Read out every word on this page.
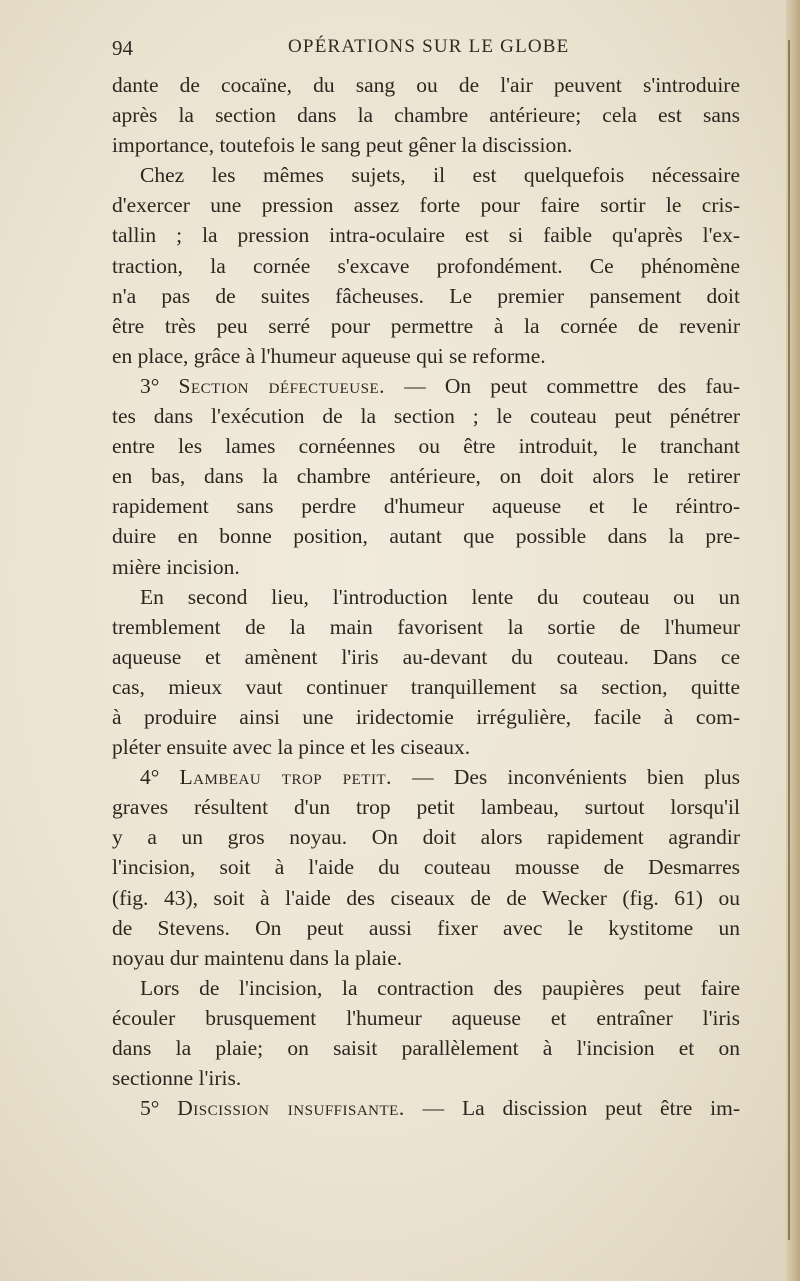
94	OPÉRATIONS SUR LE GLOBE
dante de cocaïne, du sang ou de l'air peuvent s'introduire
après la section dans la chambre antérieure; cela est sans
importance, toutefois le sang peut gêner la discission.
Chez les mêmes sujets, il est quelquefois nécessaire
d'exercer une pression assez forte pour faire sortir le cris-
tallin ; la pression intra-oculaire est si faible qu'après l'ex-
traction, la cornée s'excave profondément. Ce phénomène
n'a pas de suites fâcheuses. Le premier pansement doit
être très peu serré pour permettre à la cornée de revenir
en place, grâce à l'humeur aqueuse qui se reforme.
3° Section défectueuse. — On peut commettre des fau-
tes dans l'exécution de la section ; le couteau peut pénétrer
entre les lames cornéennes ou être introduit, le tranchant
en bas, dans la chambre antérieure, on doit alors le retirer
rapidement sans perdre d'humeur aqueuse et le réintro-
duire en bonne position, autant que possible dans la pre-
mière incision.
En second lieu, l'introduction lente du couteau ou un
tremblement de la main favorisent la sortie de l'humeur
aqueuse et amènent l'iris au-devant du couteau. Dans ce
cas, mieux vaut continuer tranquillement sa section, quitte
à produire ainsi une iridectomie irrégulière, facile à com-
pléter ensuite avec la pince et les ciseaux.
4° Lambeau trop petit. — Des inconvénients bien plus
graves résultent d'un trop petit lambeau, surtout lorsqu'il
y a un gros noyau. On doit alors rapidement agrandir
l'incision, soit à l'aide du couteau mousse de Desmarres
(fig. 43), soit à l'aide des ciseaux de de Wecker (fig. 61) ou
de Stevens. On peut aussi fixer avec le kystitome un
noyau dur maintenu dans la plaie.
Lors de l'incision, la contraction des paupières peut faire
écouler brusquement l'humeur aqueuse et entraîner l'iris
dans la plaie; on saisit parallèlement à l'incision et on
sectionne l'iris.
5° Discission insuffisante. — La discission peut être im-
